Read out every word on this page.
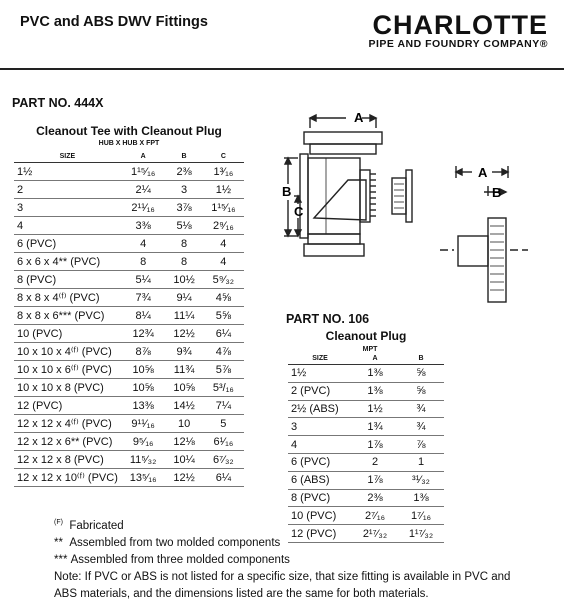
PVC and ABS DWV Fittings	CHARLOTTE
PIPE AND FOUNDRY COMPANY®
PART NO. 444X
Cleanout Tee with Cleanout Plug
HUB X HUB X FPT
SIZE	A	B	C
1½	1¹⁵⁄₁₆	2⅜	1³⁄₁₆
2	2¼	3	1½
3	2¹¹⁄₁₆	3⅞	1¹⁵⁄₁₆
4	3⅜	5⅛	2⁹⁄₁₆
6 (PVC)	4	8	4
6 x 6 x 4** (PVC)	8	8	4
8 (PVC)	5¼	10½	5⁹⁄₃₂
8 x 8 x 4⁽ᶠ⁾ (PVC)	7¾	9¼	4⅝
8 x 8 x 6*** (PVC)	8¼	11¼	5⅝
10 (PVC)	12¾	12½	6¼
10 x 10 x 4⁽ᶠ⁾ (PVC)	8⅞	9¾	4⅞
10 x 10 x 6⁽ᶠ⁾ (PVC)	10⅝	11¾	5⅞
10 x 10 x 8 (PVC)	10⅝	10⅝	5³/₁₆
12 (PVC)	13⅜	14½	7¼
12 x 12 x 4⁽ᶠ⁾ (PVC)	9¹¹⁄₁₆	10	5
12 x 12 x 6** (PVC)	9⁵⁄₁₆	12⅛	6¹⁄₁₆
12 x 12 x 8 (PVC)	11⁵⁄₃₂	10¼	6⁷⁄₃₂
12 x 12 x 10⁽ᶠ⁾ (PVC)	13⁵⁄₁₆	12½	6¼
A
B
C
A
B
PART NO. 106
Cleanout Plug
MPT
SIZE	A	B
1½	1⅜	⅝
2 (PVC)	1⅜	⅝
2½ (ABS)	1½	¾
3	1¾	¾
4	1⅞	⅞
6 (PVC)	2	1
6 (ABS)	1⅞	³¹⁄₃₂
8 (PVC)	2⅜	1⅜
10 (PVC)	2⁷⁄₁₆	1⁷⁄₁₆
12 (PVC)	2¹⁷⁄₃₂	1¹⁷⁄₃₂
$^{(F)}$ Fabricated
** Assembled from two molded components
*** Assembled from three molded components
Note: If PVC or ABS is not listed for a specific size, that size fitting is available in PVC and
ABS materials, and the dimensions listed are the same for both materials.
